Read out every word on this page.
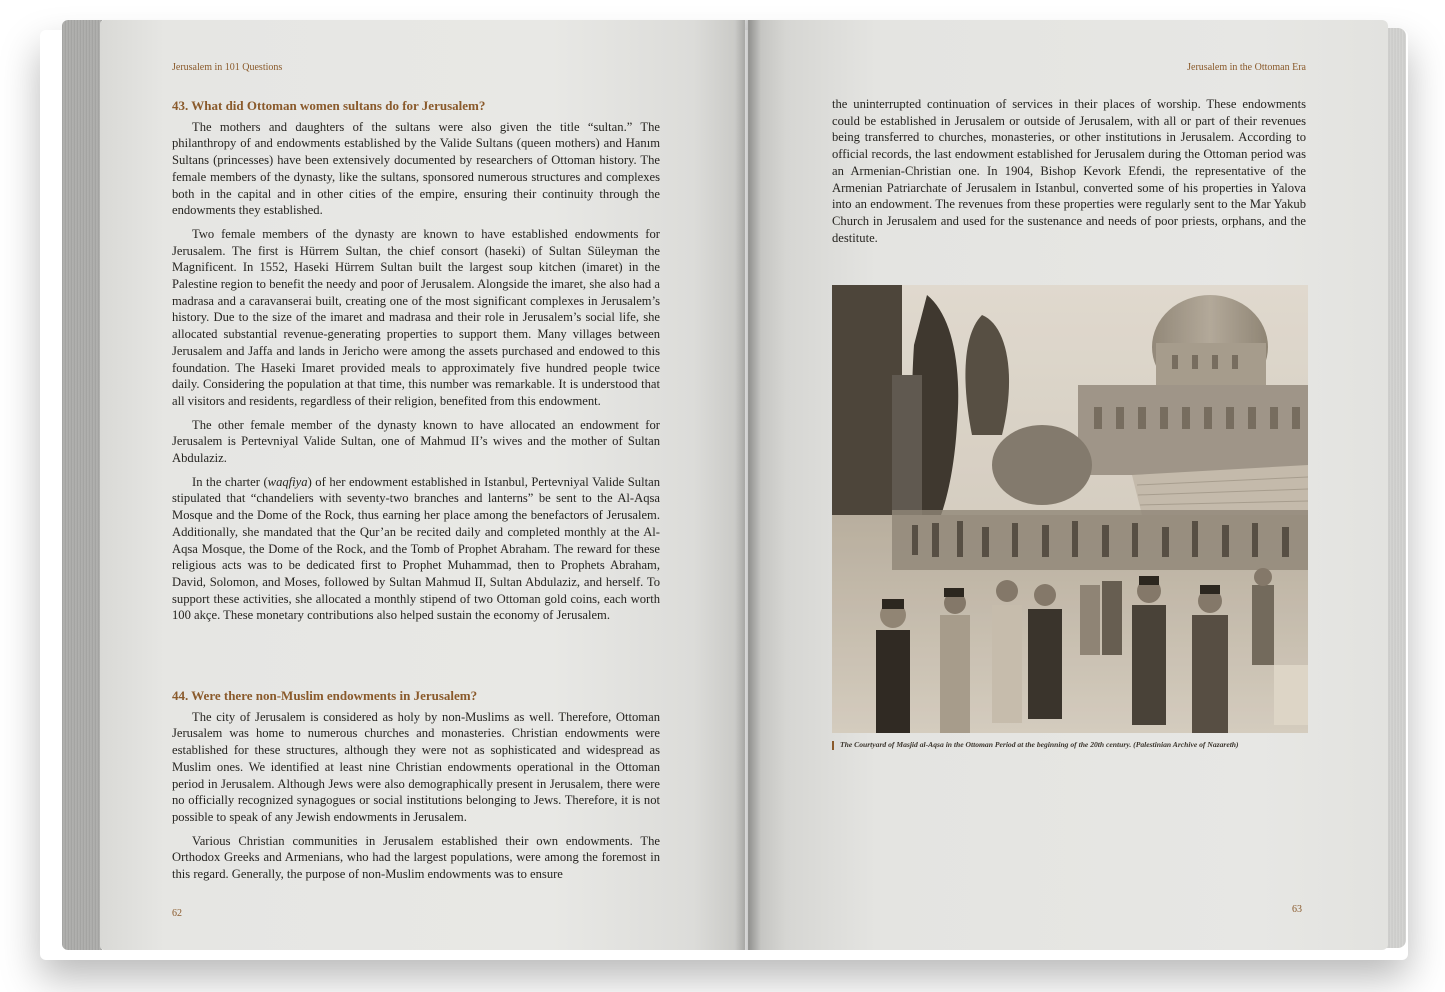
Jerusalem in 101 Questions
43. What did Ottoman women sultans do for Jerusalem?

The mothers and daughters of the sultans were also given the title “sultan.” The philanthropy of and endowments established by the Valide Sultans (queen mothers) and Hanım Sultans (princesses) have been extensively documented by researchers of Ottoman history. The female members of the dynasty, like the sultans, sponsored numerous structures and complexes both in the capital and in other cities of the empire, ensuring their continuity through the endowments they established.

Two female members of the dynasty are known to have established endowments for Jerusalem. The first is Hürrem Sultan, the chief consort (haseki) of Sultan Süleyman the Magnificent. In 1552, Haseki Hürrem Sultan built the largest soup kitchen (imaret) in the Palestine region to benefit the needy and poor of Jerusalem. Alongside the imaret, she also had a madrasa and a caravanserai built, creating one of the most significant complexes in Jerusalem’s history. Due to the size of the imaret and madrasa and their role in Jerusalem’s social life, she allocated substantial revenue-generating properties to support them. Many villages between Jerusalem and Jaffa and lands in Jericho were among the assets purchased and endowed to this foundation. The Haseki Imaret provided meals to approximately five hundred people twice daily. Considering the population at that time, this number was remarkable. It is understood that all visitors and residents, regardless of their religion, benefited from this endowment.

The other female member of the dynasty known to have allocated an endowment for Jerusalem is Pertevniyal Valide Sultan, one of Mahmud II’s wives and the mother of Sultan Abdulaziz.

In the charter (waqfiya) of her endowment established in Istanbul, Pertevniyal Valide Sultan stipulated that “chandeliers with seventy-two branches and lanterns” be sent to the Al-Aqsa Mosque and the Dome of the Rock, thus earning her place among the benefactors of Jerusalem. Additionally, she mandated that the Qur’an be recited daily and completed monthly at the Al-Aqsa Mosque, the Dome of the Rock, and the Tomb of Prophet Abraham. The reward for these religious acts was to be dedicated first to Prophet Muhammad, then to Prophets Abraham, David, Solomon, and Moses, followed by Sultan Mahmud II, Sultan Abdulaziz, and herself. To support these activities, she allocated a monthly stipend of two Ottoman gold coins, each worth 100 akçe. These monetary contributions also helped sustain the economy of Jerusalem.

44. Were there non-Muslim endowments in Jerusalem?

The city of Jerusalem is considered as holy by non-Muslims as well. Therefore, Ottoman Jerusalem was home to numerous churches and monasteries. Christian endowments were established for these structures, although they were not as sophisticated and widespread as Muslim ones. We identified at least nine Christian endowments operational in the Ottoman period in Jerusalem. Although Jews were also demographically present in Jerusalem, there were no officially recognized synagogues or social institutions belonging to Jews. Therefore, it is not possible to speak of any Jewish endowments in Jerusalem.

Various Christian communities in Jerusalem established their own endowments. The Orthodox Greeks and Armenians, who had the largest populations, were among the foremost in this regard. Generally, the purpose of non-Muslim endowments was to ensure

62
Jerusalem in the Ottoman Era

the uninterrupted continuation of services in their places of worship. These endowments could be established in Jerusalem or outside of Jerusalem, with all or part of their revenues being transferred to churches, monasteries, or other institutions in Jerusalem. According to official records, the last endowment established for Jerusalem during the Ottoman period was an Armenian-Christian one. In 1904, Bishop Kevork Efendi, the representative of the Armenian Patriarchate of Jerusalem in Istanbul, converted some of his properties in Yalova into an endowment. The revenues from these properties were regularly sent to the Mar Yakub Church in Jerusalem and used for the sustenance and needs of poor priests, orphans, and the destitute.

The Courtyard of Masjid al-Aqsa in the Ottoman Period at the beginning of the 20th century. (Palestinian Archive of Nazareth)
63
